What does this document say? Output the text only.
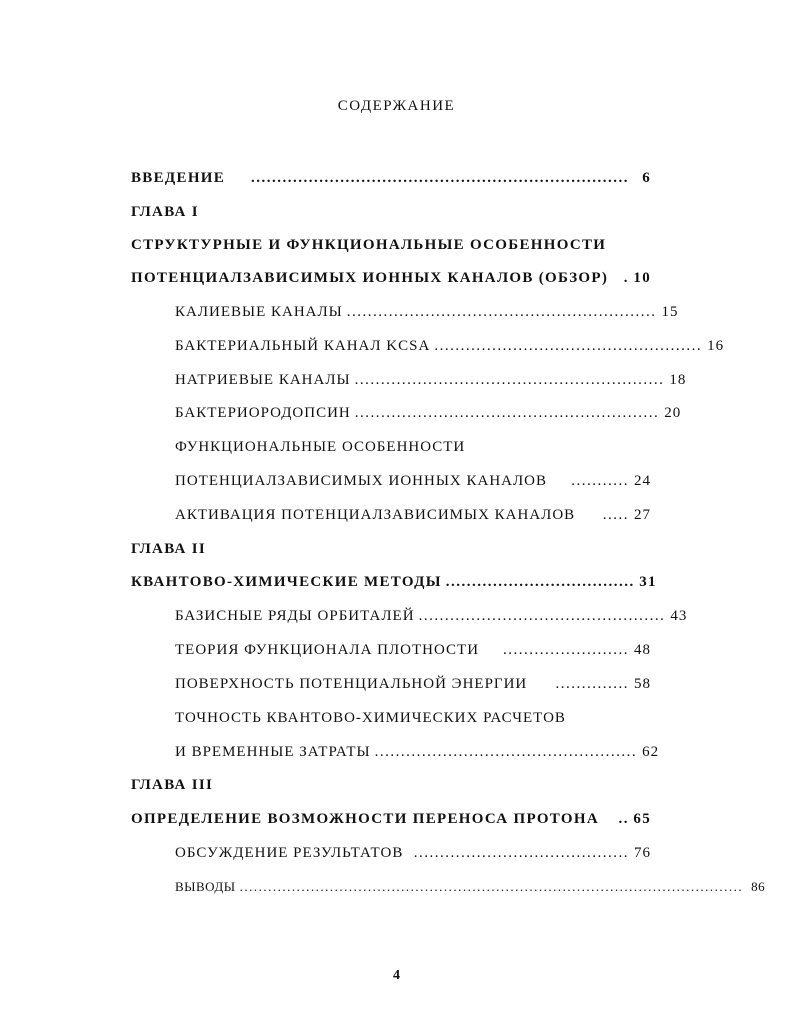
СОДЕРЖАНИЕ
ВВЕДЕНИЕ	........................................................................ 6
ГЛАВА I
СТРУКТУРНЫЕ И ФУНКЦИОНАЛЬНЫЕ ОСОБЕННОСТИ
ПОТЕНЦИАЛЗАВИСИМЫХ ИОННЫХ КАНАЛОВ (ОБЗОР)	. 10
КАЛИЕВЫЕ КАНАЛЫ ........................................................... 15
БАКТЕРИАЛЬНЫЙ КАНАЛ KCSA ................................................... 16
НАТРИЕВЫЕ КАНАЛЫ ........................................................... 18
БАКТЕРИОРОДОПСИН .......................................................... 20
ФУНКЦИОНАЛЬНЫЕ ОСОБЕННОСТИ
ПОТЕНЦИАЛЗАВИСИМЫХ ИОННЫХ КАНАЛОВ	........... 24
АКТИВАЦИЯ ПОТЕНЦИАЛЗАВИСИМЫХ КАНАЛОВ	..... 27
ГЛАВА II
КВАНТОВО-ХИМИЧЕСКИЕ МЕТОДЫ .................................... 31
БАЗИСНЫЕ РЯДЫ ОРБИТАЛЕЙ ............................................... 43
ТЕОРИЯ ФУНКЦИОНАЛА ПЛОТНОСТИ	........................ 48
ПОВЕРХНОСТЬ ПОТЕНЦИАЛЬНОЙ ЭНЕРГИИ	.............. 58
ТОЧНОСТЬ КВАНТОВО-ХИМИЧЕСКИХ РАСЧЕТОВ
И ВРЕМЕННЫЕ ЗАТРАТЫ .................................................. 62
ГЛАВА III
ОПРЕДЕЛЕНИЕ ВОЗМОЖНОСТИ ПЕРЕНОСА ПРОТОНА	.. 65
ОБСУЖДЕНИЕ РЕЗУЛЬТАТОВ ......................................... 76
ВЫВОДЫ .......................................................................................................... 86
4
